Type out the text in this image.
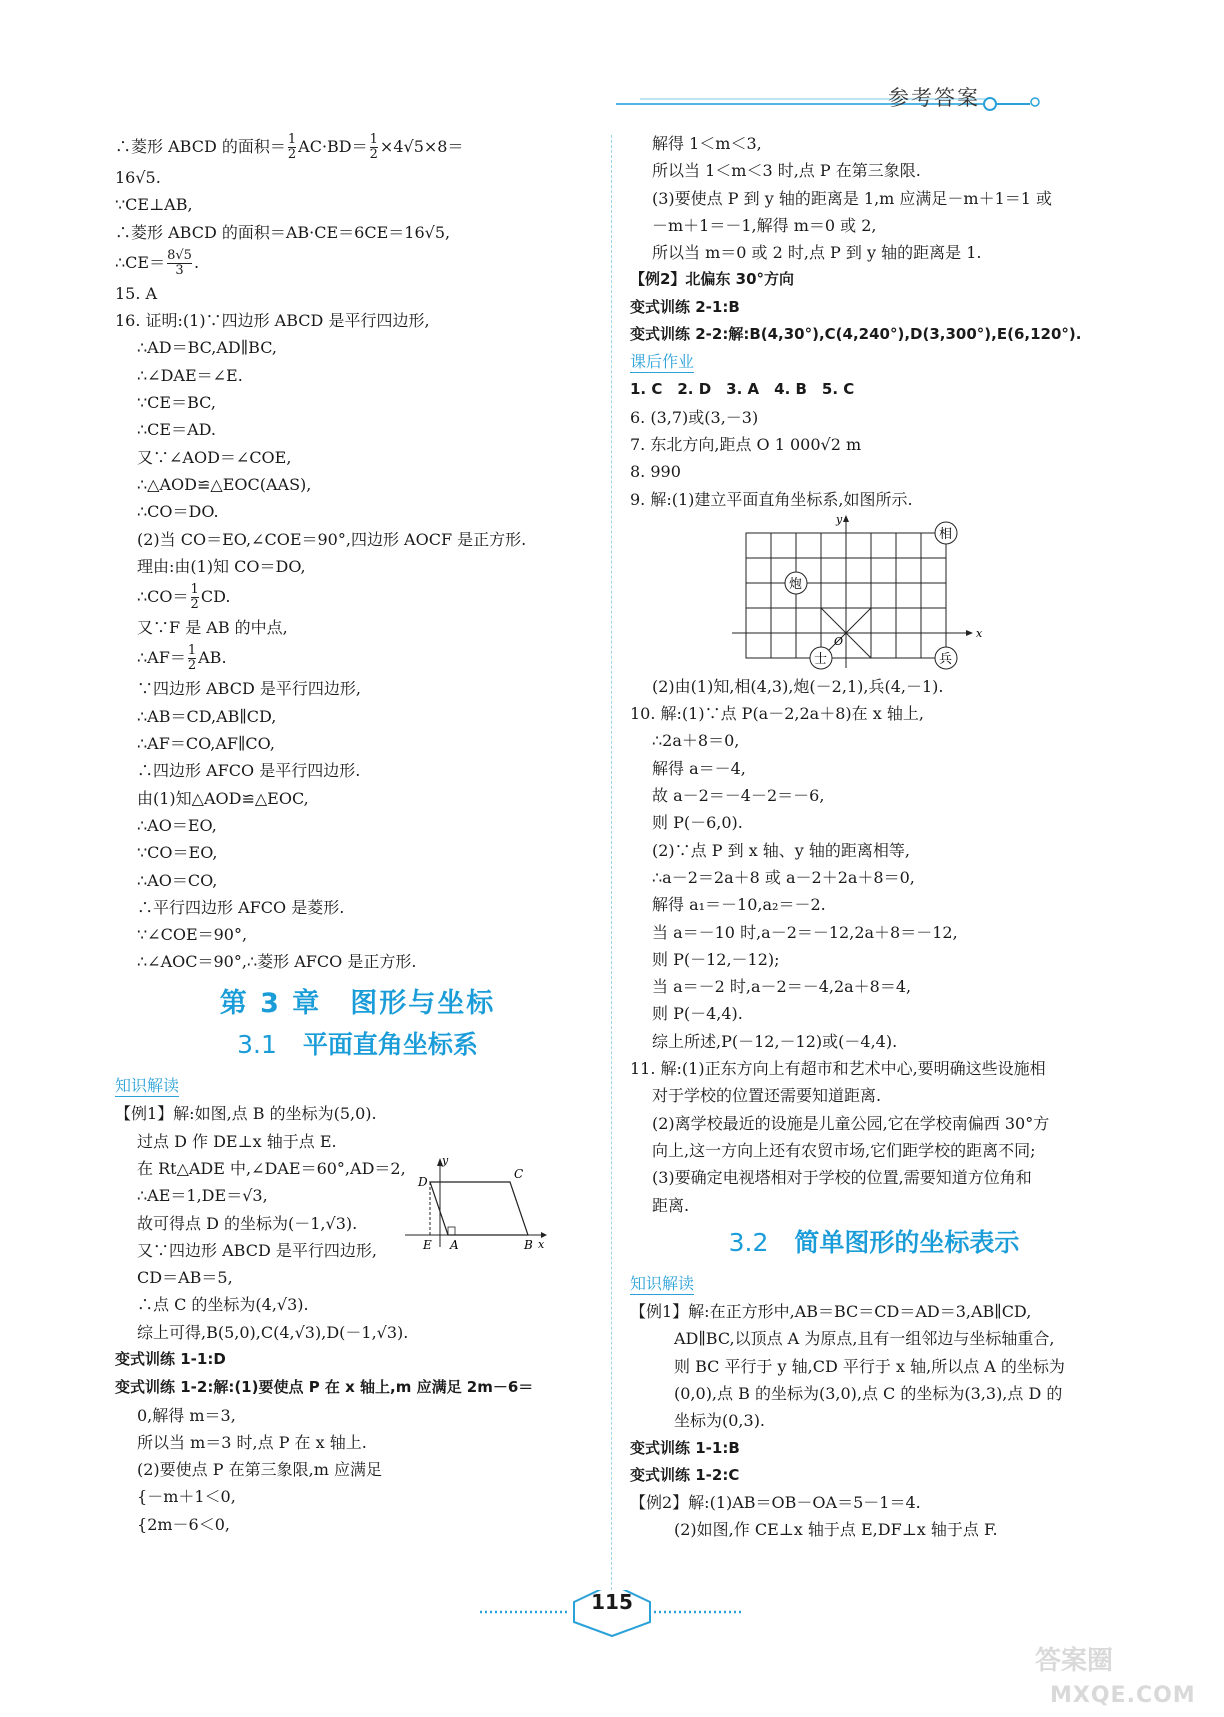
参考答案
∴菱形 ABCD 的面积＝ $\frac{1}{2} AC\cdot BD= \frac{1}{2} \times 4√5\times 8=$
16√5.
∵CE⊥AB,
∴菱形 ABCD 的面积＝AB·CE＝6CE＝16√5,
∴CE＝ $\frac{8√5}{3}$ .
15. A
16. 证明:(1)∵四边形 ABCD 是平行四边形,
∴AD＝BC,AD∥BC,
∴∠DAE＝∠E.
∵CE＝BC,
∴CE＝AD.
又∵∠AOD＝∠COE,
∴△AOD≌△EOC(AAS),
∴CO＝DO.
(2)当 CO＝EO,∠COE＝90°,四边形 AOCF 是正方形.
理由:由(1)知 CO＝DO,
∴CO＝ $\frac{1}{2}$ CD.
又∵F 是 AB 的中点,
∴AF＝ $\frac{1}{2}$ AB.
∵四边形 ABCD 是平行四边形,
∴AB＝CD,AB∥CD,
∴AF＝CO,AF∥CO,
∴四边形 AFCO 是平行四边形.
由(1)知△AOD≌△EOC,
∴AO＝EO,
∵CO＝EO,
∴AO＝CO,
∴平行四边形 AFCO 是菱形.
∵∠COE＝90°,
∴∠AOC＝90°,∴菱形 AFCO 是正方形.
第 3 章　图形与坐标
3.1 平面直角坐标系
知识解读
【例1】解:如图,点 B 的坐标为(5,0).
过点 D 作 DE⊥x 轴于点 E.
在 Rt△ADE 中,∠DAE＝60°,AD＝2,
∴AE＝1,DE＝√3,
故可得点 D 的坐标为(－1,√3).
又∵四边形 ABCD 是平行四边形,
CD＝AB＝5,
∴点 C 的坐标为(4,√3).
综上可得,B(5,0),C(4,√3),D(－1,√3).
D
C
E A	B x
y
变式训练 1-1:D
变式训练 1-2:解:(1)要使点 P 在 x 轴上,m 应满足 2m－6＝
0,解得 m＝3,
所以当 m＝3 时,点 P 在 x 轴上.
(2)要使点 P 在第三象限,m 应满足
{－m＋1＜0,
{2m－6＜0,
解得 1＜m＜3,
所以当 1＜m＜3 时,点 P 在第三象限.
(3)要使点 P 到 y 轴的距离是 1,m 应满足－m＋1＝1 或
－m＋1＝－1,解得 m＝0 或 2,
所以当 m＝0 或 2 时,点 P 到 y 轴的距离是 1.
【例2】北偏东 30°方向
变式训练 2-1:B
变式训练 2-2:解:B(4,30°),C(4,240°),D(3,300°),E(6,120°).
课后作业
1. C　2. D　3. A　4. B　5. C
6. (3,7)或(3,－3)
7. 东北方向,距点 O 1 000√2 m
8. 990
9. 解:(1)建立平面直角坐标系,如图所示.
x
y
O
相
炮
士	兵
(2)由(1)知,相(4,3),炮(－2,1),兵(4,－1).
10. 解:(1)∵点 P(a－2,2a＋8)在 x 轴上,
∴2a＋8＝0,
解得 a＝－4,
故 a－2＝－4－2＝－6,
则 P(－6,0).
(2)∵点 P 到 x 轴、y 轴的距离相等,
∴a－2＝2a＋8 或 a－2＋2a＋8＝0,
解得 a₁＝－10,a₂＝－2.
当 a＝－10 时,a－2＝－12,2a＋8＝－12,
则 P(－12,－12);
当 a＝－2 时,a－2＝－4,2a＋8＝4,
则 P(－4,4).
综上所述,P(－12,－12)或(－4,4).
11. 解:(1)正东方向上有超市和艺术中心,要明确这些设施相
对于学校的位置还需要知道距离.
(2)离学校最近的设施是儿童公园,它在学校南偏西 30°方
向上,这一方向上还有农贸市场,它们距学校的距离不同;
(3)要确定电视塔相对于学校的位置,需要知道方位角和
距离.
3.2 简单图形的坐标表示
知识解读
【例1】解:在正方形中,AB＝BC＝CD＝AD＝3,AB∥CD,
AD∥BC,以顶点 A 为原点,且有一组邻边与坐标轴重合,
则 BC 平行于 y 轴,CD 平行于 x 轴,所以点 A 的坐标为
(0,0),点 B 的坐标为(3,0),点 C 的坐标为(3,3),点 D 的
坐标为(0,3).
变式训练 1-1:B
变式训练 1-2:C
【例2】解:(1)AB＝OB－OA＝5－1＝4.
(2)如图,作 CE⊥x 轴于点 E,DF⊥x 轴于点 F.
115
答案圈
MXQE.COM
